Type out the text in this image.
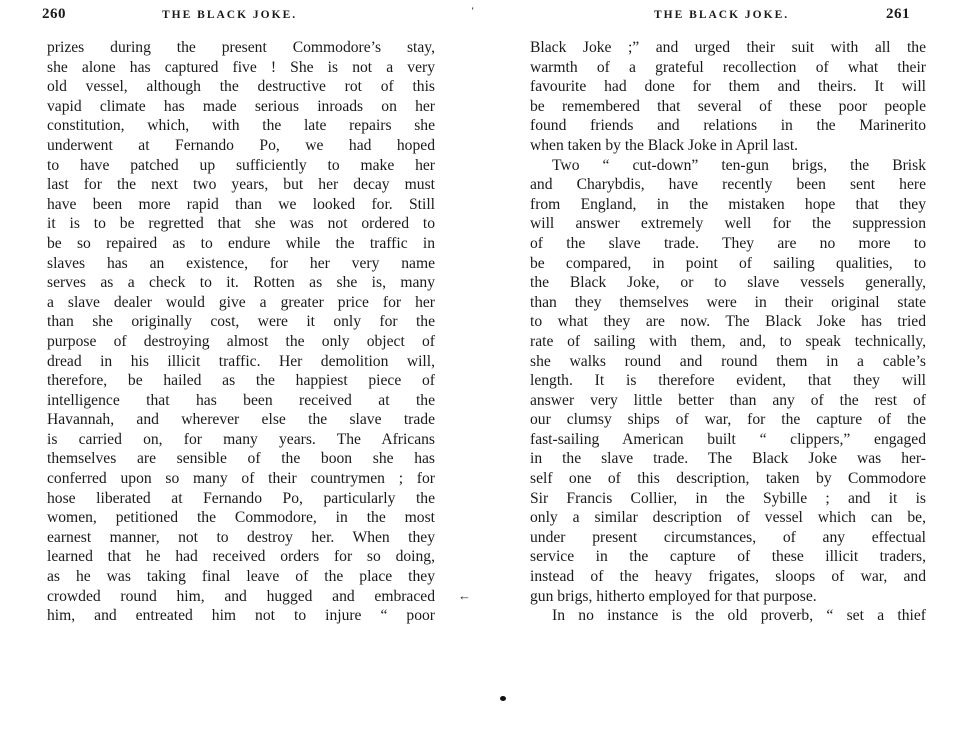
260	THE BLACK JOKE.
prizes during the present Commodore’s stay,
she alone has captured five ! She is not a very
old vessel, although the destructive rot of this
vapid climate has made serious inroads on her
constitution, which, with the late repairs she
underwent at Fernando Po, we had hoped
to have patched up sufficiently to make her
last for the next two years, but her decay must
have been more rapid than we looked for. Still
it is to be regretted that she was not ordered to
be so repaired as to endure while the traffic in
slaves has an existence, for her very name
serves as a check to it. Rotten as she is, many
a slave dealer would give a greater price for her
than she originally cost, were it only for the
purpose of destroying almost the only object of
dread in his illicit traffic. Her demolition will,
therefore, be hailed as the happiest piece of
intelligence that has been received at the
Havannah, and wherever else the slave trade
is carried on, for many years. The Africans
themselves are sensible of the boon she has
conferred upon so many of their countrymen ; for
hose liberated at Fernando Po, particularly the
women, petitioned the Commodore, in the most
earnest manner, not to destroy her. When they
learned that he had received orders for so doing,
as he was taking final leave of the place they
crowded round him, and hugged and embraced
him, and entreated him not to injure “ poor
‘
←
THE BLACK JOKE.	261
Black Joke ;” and urged their suit with all the
warmth of a grateful recollection of what their
favourite had done for them and theirs. It will
be remembered that several of these poor people
found friends and relations in the Marinerito
when taken by the Black Joke in April last.
Two “ cut-down” ten-gun brigs, the Brisk
and Charybdis, have recently been sent here
from England, in the mistaken hope that they
will answer extremely well for the suppression
of the slave trade. They are no more to
be compared, in point of sailing qualities, to
the Black Joke, or to slave vessels generally,
than they themselves were in their original state
to what they are now. The Black Joke has tried
rate of sailing with them, and, to speak technically,
she walks round and round them in a cable’s
length. It is therefore evident, that they will
answer very little better than any of the rest of
our clumsy ships of war, for the capture of the
fast-sailing American built “ clippers,” engaged
in the slave trade. The Black Joke was her-
self one of this description, taken by Commodore
Sir Francis Collier, in the Sybille ; and it is
only a similar description of vessel which can be,
under present circumstances, of any effectual
service in the capture of these illicit traders,
instead of the heavy frigates, sloops of war, and
gun brigs, hitherto employed for that purpose.
In no instance is the old proverb, “ set a thief
